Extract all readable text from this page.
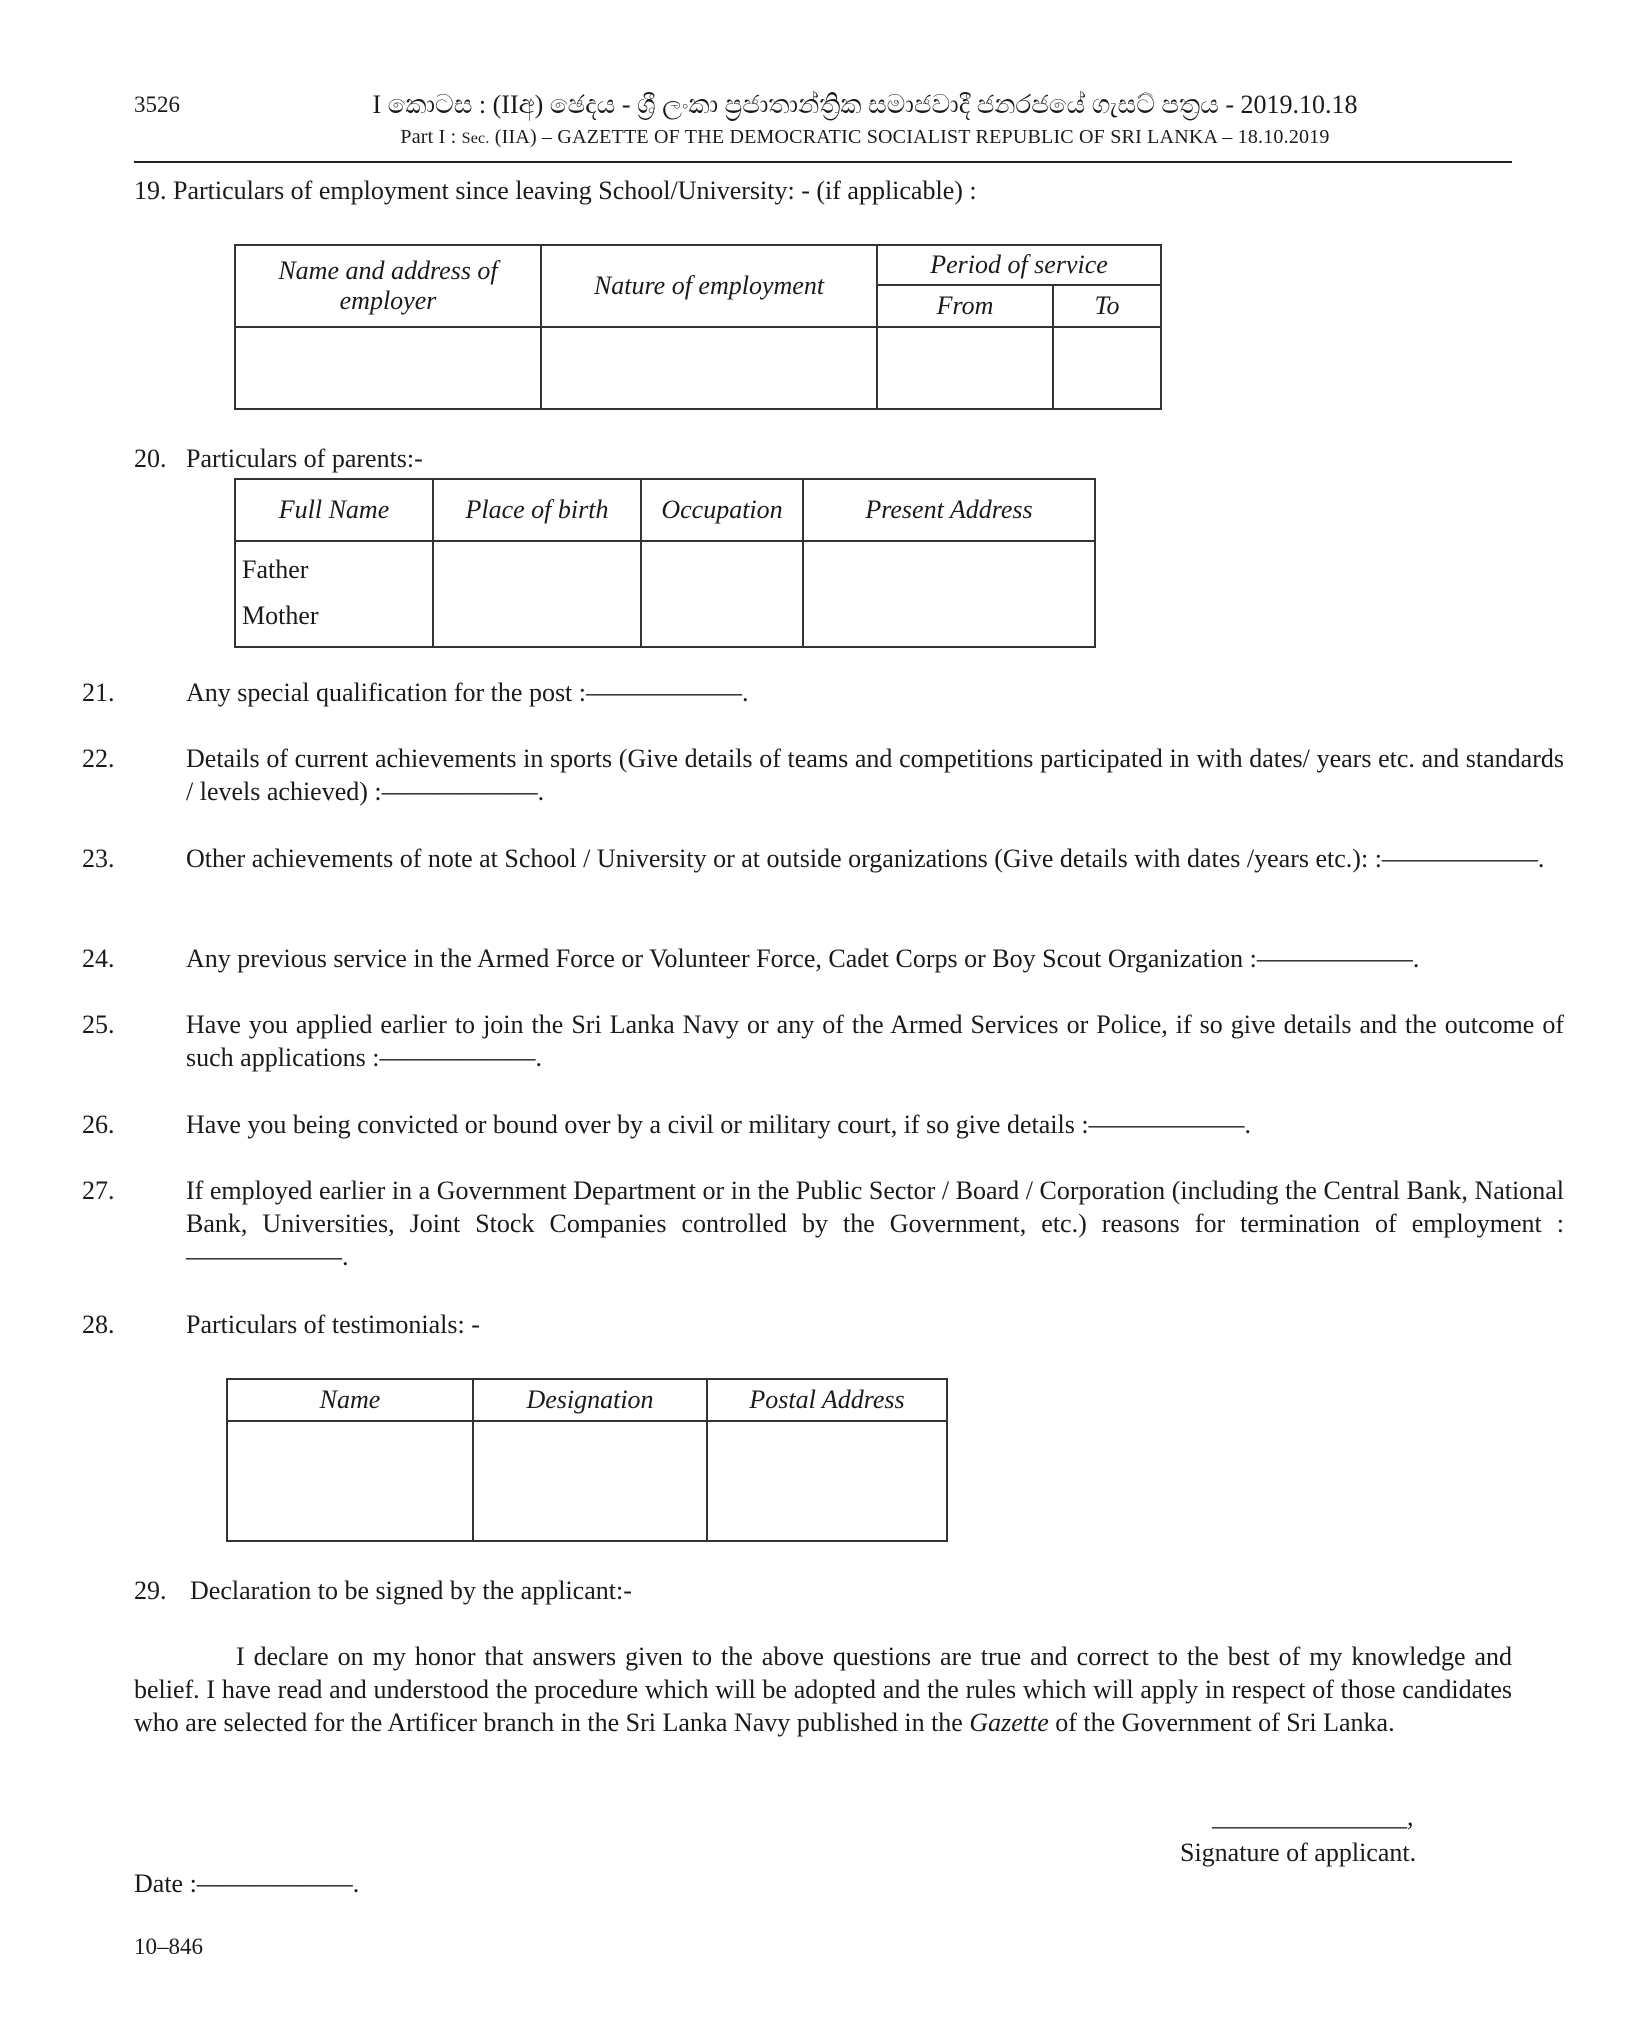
3526	I කොටස : (IIඅ) ඡෙදය - ශ්‍රී ලංකා ප්‍රජාතාන්ත්‍රික සමාජවාදී ජනරජයේ ගැසට් පත්‍රය - 2019.10.18
Part I : Sec. (IIA) – GAZETTE OF THE DEMOCRATIC SOCIALIST REPUBLIC OF SRI LANKA – 18.10.2019
19. Particulars of employment since leaving School/University: - (if applicable) :
Name and address of employer	Nature of employment	Period of service	
		From	To

20. Particulars of parents:-
Full Name	Place of birth	Occupation	Present Address

Father
Mother			

21.	Any special qualification for the post :——————.
22.	Details of current achievements in sports (Give details of teams and competitions participated in with dates/ years etc. and standards / levels achieved) :——————.
23.	Other achievements of note at School / University or at outside organizations (Give details with dates /years etc.): :——————.
24.	Any previous service in the Armed Force or Volunteer Force, Cadet Corps or Boy Scout Organization :——————.
25.	Have you applied earlier to join the Sri Lanka Navy or any of the Armed Services or Police, if so give details and the outcome of such applications :——————.
26.	Have you being convicted or bound over by a civil or military court, if so give details :——————.
27.	If employed earlier in a Government Department or in the Public Sector / Board / Corporation (including the Central Bank, National Bank, Universities, Joint Stock Companies controlled by the Government, etc.) reasons for termination of employment :——————.
28.	Particulars of testimonials: -
Name	Designation	Postal Address

29. Declaration to be signed by the applicant:-
I declare on my honor that answers given to the above questions are true and correct to the best of my knowledge and belief. I have read and understood the procedure which will be adopted and the rules which will apply in respect of those candidates who are selected for the Artificer branch in the Sri Lanka Navy published in the Gazette of the Government of Sri Lanka.
_______________,
Signature of applicant.
Date :——————.
10–846
